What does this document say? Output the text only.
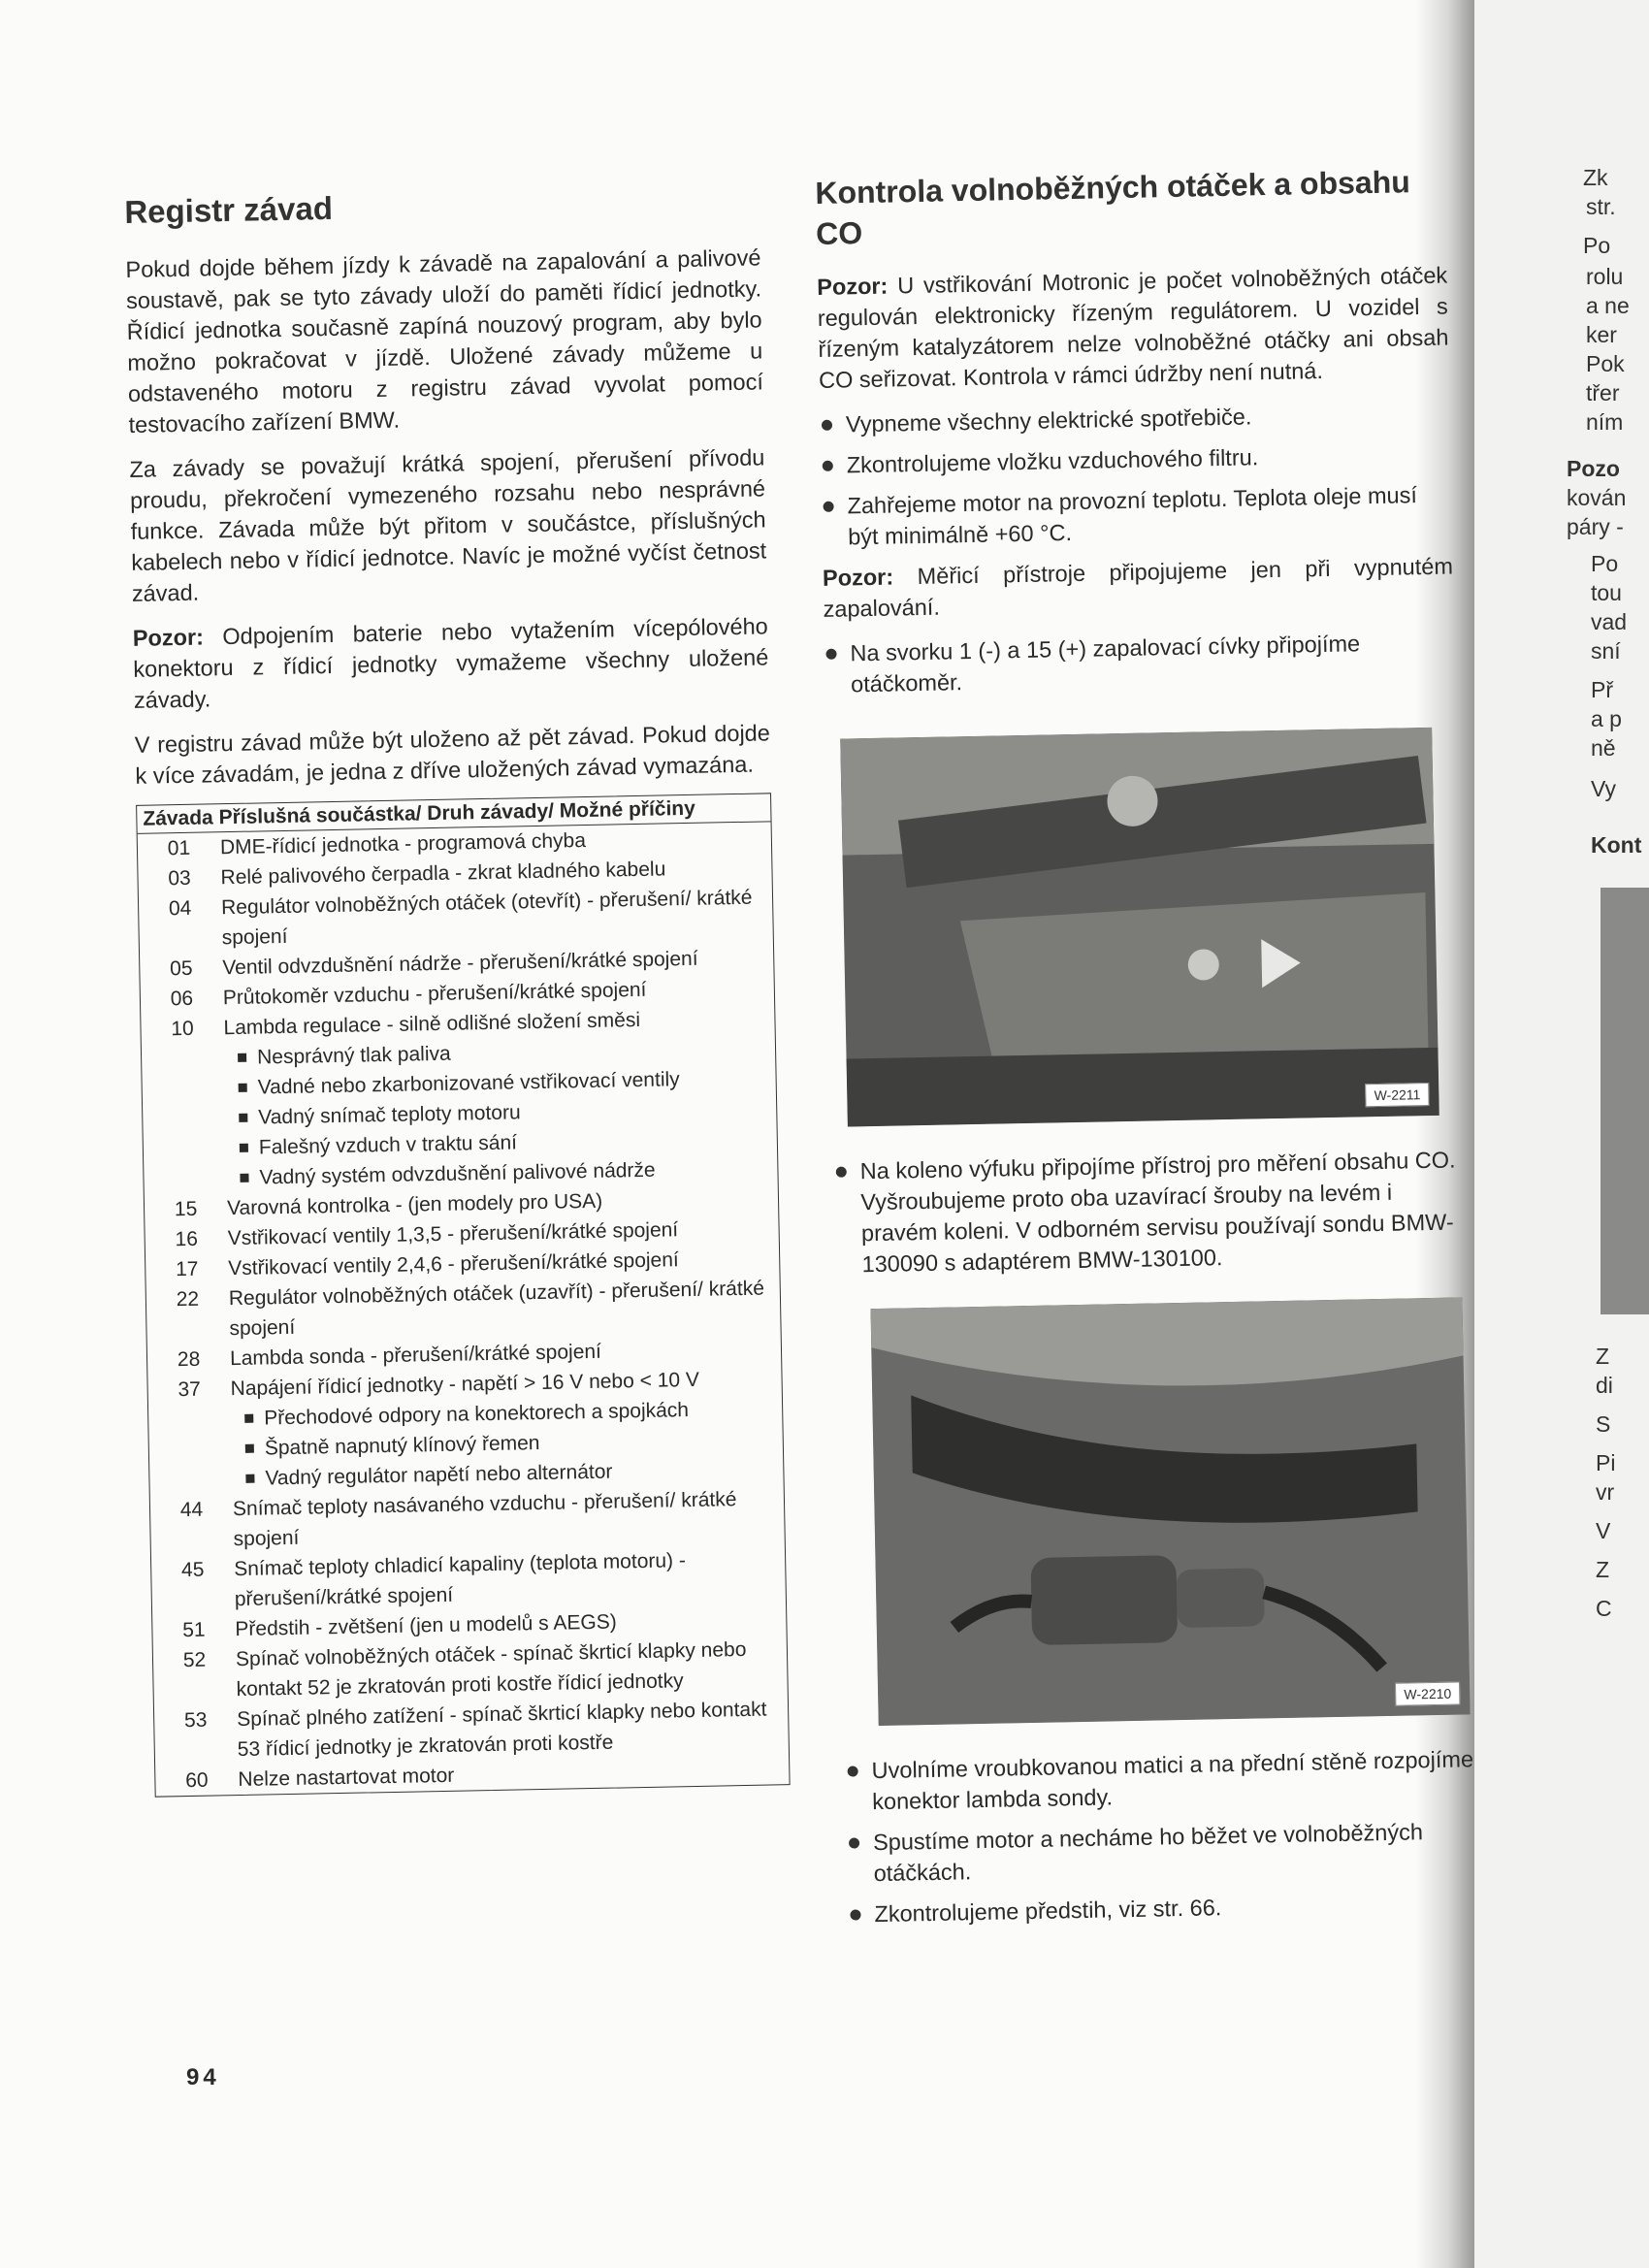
Zk
str.
Po
rolu
a ne
ker
Pok
třer
ním
Pozo
kován
páry -
Po
tou
vad
sní
Př
a p
ně
Vy
Kont
Z
di
S
Pi
vr
V
Z
C
Registr závad
Pokud dojde během jízdy k závadě na zapalování a palivové soustavě, pak se tyto závady uloží do paměti řídicí jednotky. Řídicí jednotka současně zapíná nouzový program, aby bylo možno pokračovat v jízdě. Uložené závady můžeme u odstaveného motoru z registru závad vyvolat pomocí testovacího zařízení BMW.
Za závady se považují krátká spojení, přerušení přívodu proudu, překročení vymezeného rozsahu nebo nesprávné funkce. Závada může být přitom v součástce, příslušných kabelech nebo v řídicí jednotce. Navíc je možné vyčíst četnost závad.
Pozor: Odpojením baterie nebo vytažením vícepólového konektoru z řídicí jednotky vymažeme všechny uložené závady.
V registru závad může být uloženo až pět závad. Pokud dojde k více závadám, je jedna z dříve uložených závad vymazána.
Závada Příslušná součástka/ Druh závady/ Možné příčiny
01	DME-řídicí jednotka - programová chyba
03	Relé palivového čerpadla - zkrat kladného kabelu
04	Regulátor volnoběžných otáček (otevřít) - přerušení/ krátké spojení
05	Ventil odvzdušnění nádrže - přerušení/krátké spojení
06	Průtokoměr vzduchu - přerušení/krátké spojení
10	Lambda regulace - silně odlišné složení směsi
Nesprávný tlak paliva
Vadné nebo zkarbonizované vstřikovací ventily
Vadný snímač teploty motoru
Falešný vzduch v traktu sání
Vadný systém odvzdušnění palivové nádrže
15	Varovná kontrolka - (jen modely pro USA)
16	Vstřikovací ventily 1,3,5 - přerušení/krátké spojení
17	Vstřikovací ventily 2,4,6 - přerušení/krátké spojení
22	Regulátor volnoběžných otáček (uzavřít) - přerušení/ krátké spojení
28	Lambda sonda - přerušení/krátké spojení
37	Napájení řídicí jednotky - napětí > 16 V nebo < 10 V
Přechodové odpory na konektorech a spojkách
Špatně napnutý klínový řemen
Vadný regulátor napětí nebo alternátor
44	Snímač teploty nasávaného vzduchu - přerušení/ krátké spojení
45	Snímač teploty chladicí kapaliny (teplota motoru) - přerušení/krátké spojení
51	Předstih - zvětšení (jen u modelů s AEGS)
52	Spínač volnoběžných otáček - spínač škrticí klapky nebo kontakt 52 je zkratován proti kostře řídicí jednotky
53	Spínač plného zatížení - spínač škrticí klapky nebo kontakt 53 řídicí jednotky je zkratován proti kostře
60	Nelze nastartovat motor
94
Kontrola volnoběžných otáček a obsahu CO
Pozor: U vstřikování Motronic je počet volnoběžných otáček regulován elektronicky řízeným regulátorem. U vozidel s řízeným katalyzátorem nelze volnoběžné otáčky ani obsah CO seřizovat. Kontrola v rámci údržby není nutná.
Vypneme všechny elektrické spotřebiče.
Zkontrolujeme vložku vzduchového filtru.
Zahřejeme motor na provozní teplotu. Teplota oleje musí být minimálně +60 °C.
Pozor: Měřicí přístroje připojujeme jen při vypnutém zapalování.
Na svorku 1 (-) a 15 (+) zapalovací cívky připojíme otáčkoměr.
W-2211
Na koleno výfuku připojíme přístroj pro měření obsahu CO. Vyšroubujeme proto oba uzavírací šrouby na levém i pravém koleni. V odborném servisu používají sondu BMW-130090 s adaptérem BMW-130100.
W-2210
Uvolníme vroubkovanou matici a na přední stěně rozpojíme konektor lambda sondy.
Spustíme motor a necháme ho běžet ve volnoběžných otáčkách.
Zkontrolujeme předstih, viz str. 66.
